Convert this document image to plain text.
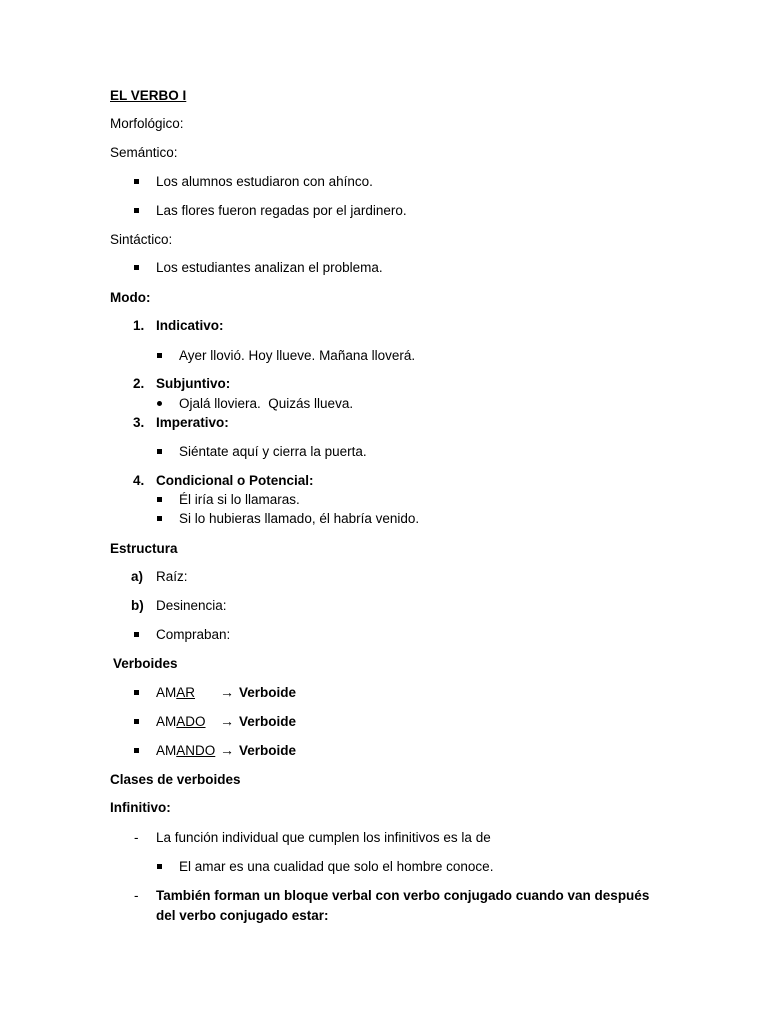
EL VERBO I
Morfológico:
Semántico:
Los alumnos estudiaron con ahínco.
Las flores fueron regadas por el jardinero.
Sintáctico:
Los estudiantes analizan el problema.
Modo:
1. Indicativo:
Ayer llovió. Hoy llueve. Mañana lloverá.
2. Subjuntivo:
Ojalá lloviera.  Quizás llueva.
3. Imperativo:
Siéntate aquí y cierra la puerta.
4. Condicional o Potencial:
Él iría si lo llamaras.
Si lo hubieras llamado, él habría venido.
Estructura
a) Raíz:
b) Desinencia:
Compraban:
Verboides
AMAR → Verboide
AMADO → Verboide
AMANDO → Verboide
Clases de verboides
Infinitivo:
- La función individual que cumplen los infinitivos es la de
El amar es una cualidad que solo el hombre conoce.
- También forman un bloque verbal con verbo conjugado cuando van después
del verbo conjugado estar:
